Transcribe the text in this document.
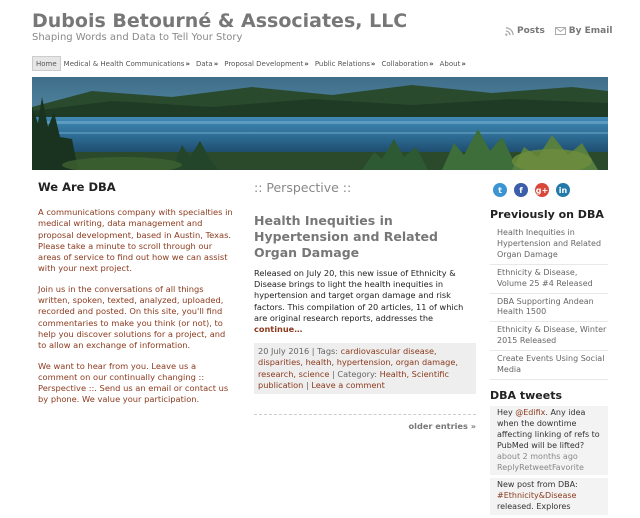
Dubois Betourné & Associates, LLC
Shaping Words and Data to Tell Your Story
Posts	By Email
Home Medical & Health Communications » Data » Proposal Development » Public Relations » Collaboration » About »
We Are DBA

A communications company with specialties in medical writing, data management and proposal development, based in Austin, Texas. Please take a minute to scroll through our areas of service to find out how we can assist with your next project.

Join us in the conversations of all things written, spoken, texted, analyzed, uploaded, recorded and posted. On this site, you'll find commentaries to make you think (or not), to help you discover solutions for a project, and to allow an exchange of information.

We want to hear from you. Leave us a comment on our continually changing :: Perspective ::. Send us an email or contact us by phone. We value your participation.

:: Perspective ::
Health Inequities in Hypertension and Related Organ Damage
Released on July 20, this new issue of Ethnicity & Disease brings to light the health inequities in hypertension and target organ damage and risk factors. This compilation of 20 articles, 11 of which are original research reports, addresses the continue…
20 July 2016 | Tags: cardiovascular disease, disparities, health, hypertension, organ damage, research, science | Category: Health, Scientific publication | Leave a comment
older entries »
t f g+ in
Previously on DBA
Health Inequities in Hypertension and Related Organ Damage
Ethnicity & Disease, Volume 25 #4 Released
DBA Supporting Andean Health 1500
Ethnicity & Disease, Winter 2015 Released
Create Events Using Social Media
DBA tweets
Hey @Edifix. Any idea when the downtime affecting linking of refs to PubMed will be lifted?
about 2 months ago
ReplyRetweetFavorite
New post from DBA: #Ethnicity&Disease released. Explores
